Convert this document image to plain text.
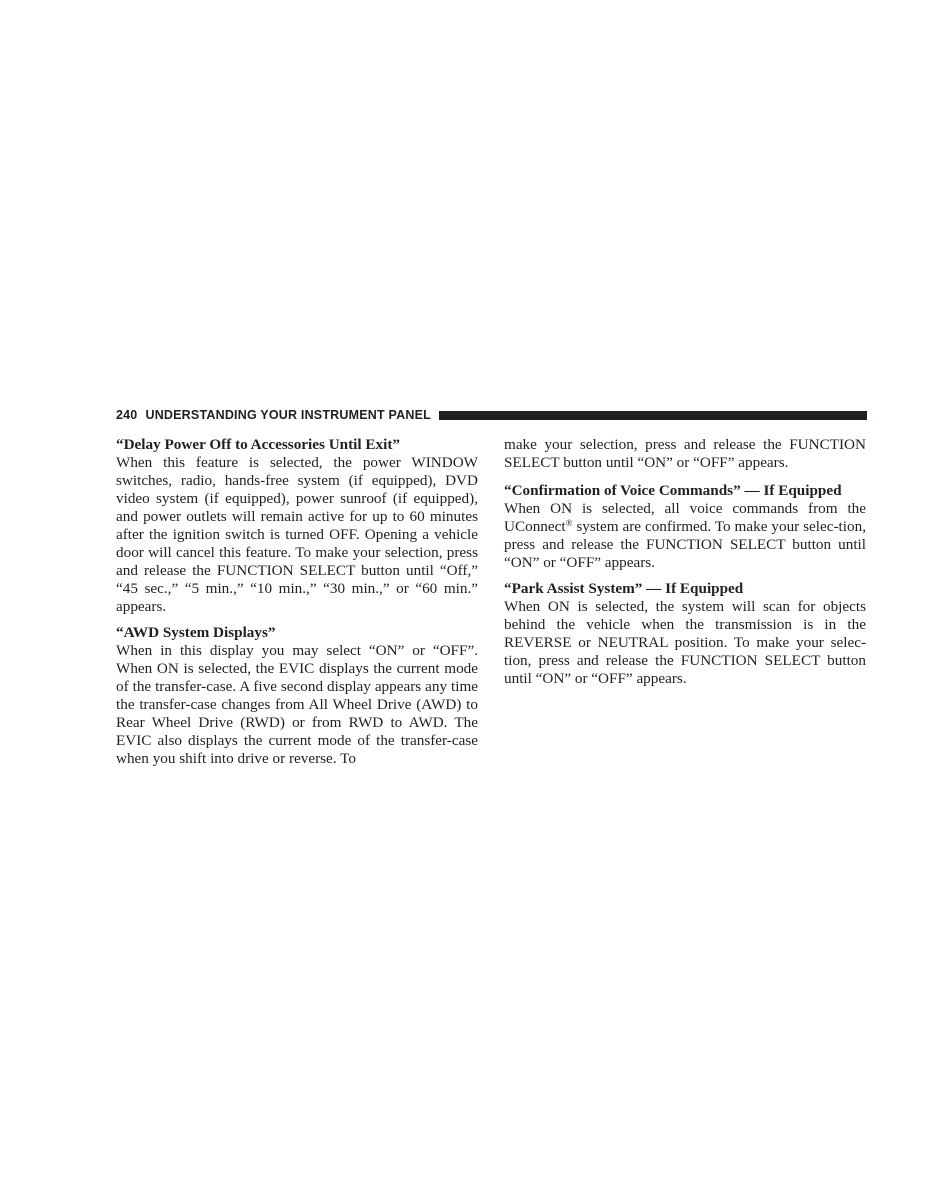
240 UNDERSTANDING YOUR INSTRUMENT PANEL
“Delay Power Off to Accessories Until Exit”

When this feature is selected, the power WINDOW switches, radio, hands-free system (if equipped), DVD video system (if equipped), power sunroof (if equipped), and power outlets will remain active for up to 60 minutes after the ignition switch is turned OFF. Opening a vehicle door will cancel this feature. To make your selection, press and release the FUNCTION SELECT button until “Off,” “45 sec.,” “5 min.,” “10 min.,” “30 min.,” or “60 min.” appears.

“AWD System Displays”

When in this display you may select “ON” or “OFF”. When ON is selected, the EVIC displays the current mode of the transfer-case. A five second display appears any time the transfer-case changes from All Wheel Drive (AWD) to Rear Wheel Drive (RWD) or from RWD to AWD. The EVIC also displays the current mode of the transfer-case when you shift into drive or reverse. To

make your selection, press and release the FUNCTION SELECT button until “ON” or “OFF” appears.

“Confirmation of Voice Commands” — If Equipped

When ON is selected, all voice commands from the UConnect® system are confirmed. To make your selec-tion, press and release the FUNCTION SELECT button until “ON” or “OFF” appears.

“Park Assist System” — If Equipped

When ON is selected, the system will scan for objects behind the vehicle when the transmission is in the REVERSE or NEUTRAL position. To make your selec-tion, press and release the FUNCTION SELECT button until “ON” or “OFF” appears.
